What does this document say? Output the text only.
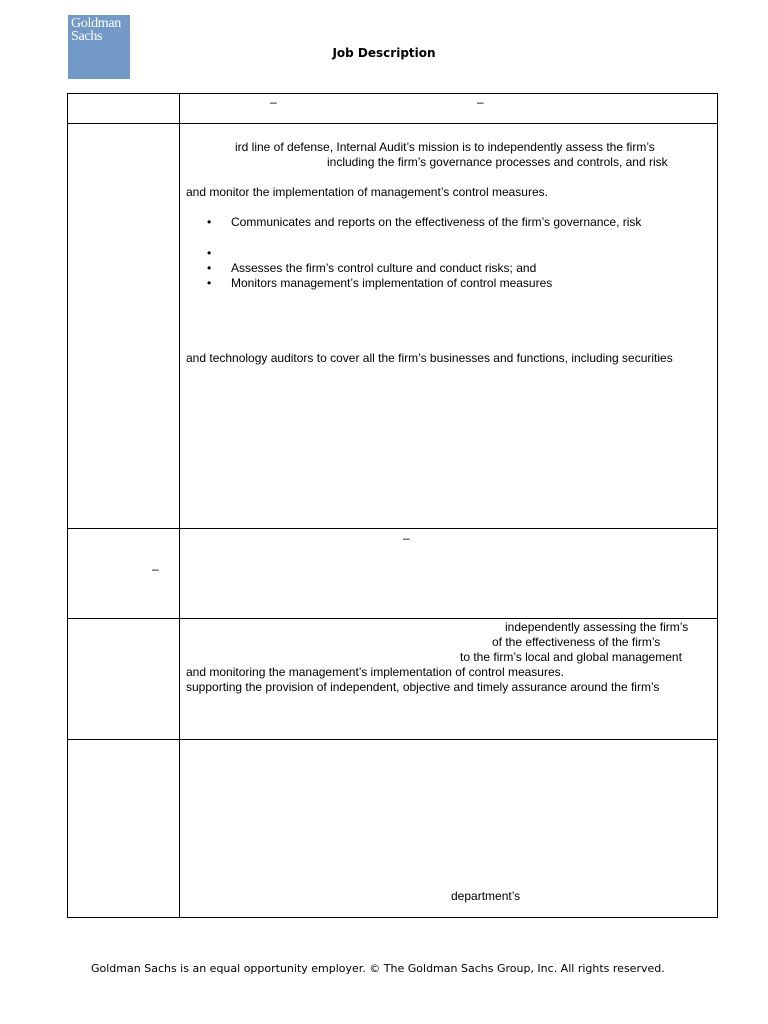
Goldman
Sachs
Job Description
–	–
ird line of defense, Internal Audit’s mission is to independently assess the firm’s
including the firm’s governance processes and controls, and risk
and monitor the implementation of management’s control measures.
• Communicates and reports on the effectiveness of the firm’s governance, risk
•
• Assesses the firm’s control culture and conduct risks; and
• Monitors management’s implementation of control measures
and technology auditors to cover all the firm’s businesses and functions, including securities
–
–
independently assessing the firm’s
of the effectiveness of the firm’s
to the firm’s local and global management
and monitoring the management’s implementation of control measures.
supporting the provision of independent, objective and timely assurance around the firm’s
department’s
Goldman Sachs is an equal opportunity employer. © The Goldman Sachs Group, Inc. All rights reserved.
